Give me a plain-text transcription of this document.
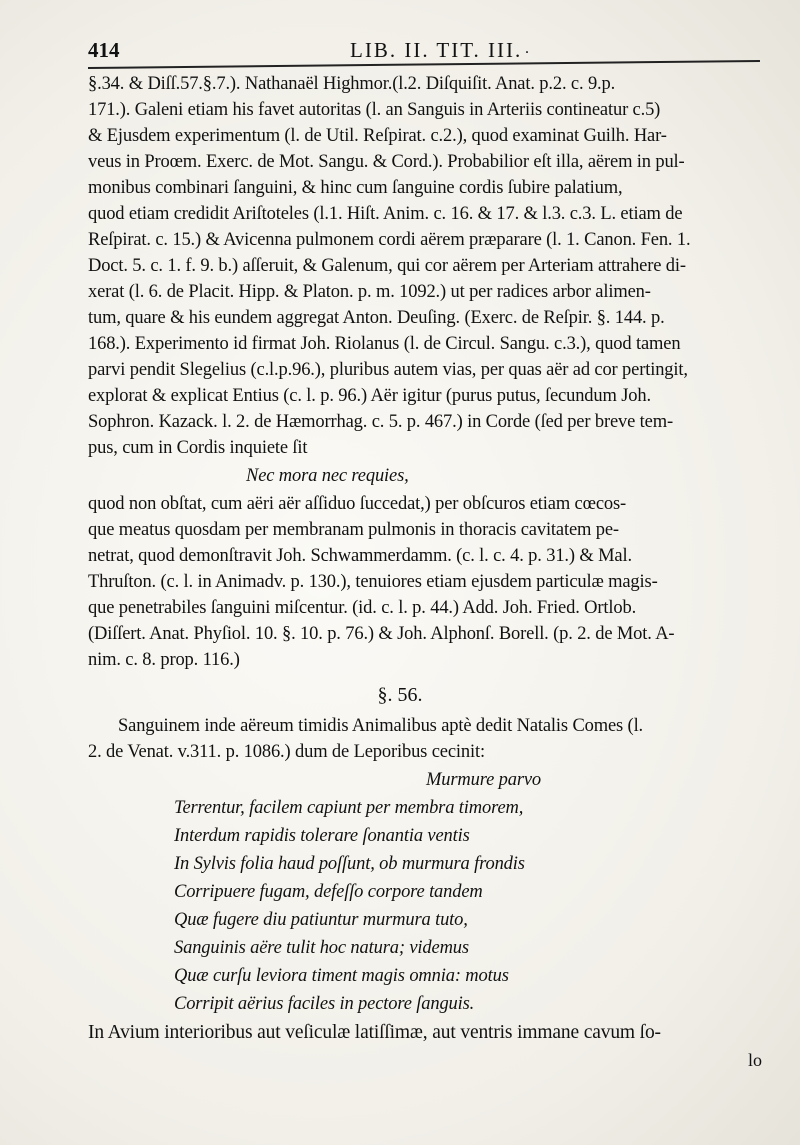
414	LIB. II. TIT. III. .
§.34. & Diſſ.57.§.7.). Nathanaël Highmor.(l.2. Diſquiſit. Anat. p.2. c. 9.p.
171.). Galeni etiam his favet autoritas (l. an Sanguis in Arteriis contineatur c.5)
& Ejusdem experimentum (l. de Util. Reſpirat. c.2.), quod examinat Guilh. Har-
veus in Proœm. Exerc. de Mot. Sangu. & Cord.). Probabilior eſt illa, aërem in pul-
monibus combinari ſanguini, & hinc cum ſanguine cordis ſubire palatium,
quod etiam credidit Ariſtoteles (l.1. Hiſt. Anim. c. 16. & 17. & l.3. c.3. L. etiam de
Reſpirat. c. 15.) & Avicenna pulmonem cordi aërem præparare (l. 1. Canon. Fen. 1.
Doct. 5. c. 1. f. 9. b.) aſſeruit, & Galenum, qui cor aërem per Arteriam attrahere di-
xerat (l. 6. de Placit. Hipp. & Platon. p. m. 1092.) ut per radices arbor alimen-
tum, quare & his eundem aggregat Anton. Deuſing. (Exerc. de Reſpir. §. 144. p.
168.). Experimento id firmat Joh. Riolanus (l. de Circul. Sangu. c.3.), quod tamen
parvi pendit Slegelius (c.l.p.96.), pluribus autem vias, per quas aër ad cor pertingit,
explorat & explicat Entius (c. l. p. 96.) Aër igitur (purus putus, ſecundum Joh.
Sophron. Kazack. l. 2. de Hæmorrhag. c. 5. p. 467.) in Corde (ſed per breve tem-
pus, cum in Cordis inquiete ſit
Nec mora nec requies,
quod non obſtat, cum aëri aër aſſiduo ſuccedat,) per obſcuros etiam cœcos-
que meatus quosdam per membranam pulmonis in thoracis cavitatem pe-
netrat, quod demonſtravit Joh. Schwammerdamm. (c. l. c. 4. p. 31.) & Mal.
Thruſton. (c. l. in Animadv. p. 130.), tenuiores etiam ejusdem particulæ magis-
que penetrabiles ſanguini miſcentur. (id. c. l. p. 44.) Add. Joh. Fried. Ortlob.
(Diſſert. Anat. Phyſiol. 10. §. 10. p. 76.) & Joh. Alphonſ. Borell. (p. 2. de Mot. A-
nim. c. 8. prop. 116.)
§. 56.
Sanguinem inde aëreum timidis Animalibus aptè dedit Natalis Comes (l.
2. de Venat. v.311. p. 1086.) dum de Leporibus cecinit:
Murmure parvo
Terrentur, facilem capiunt per membra timorem,
Interdum rapidis tolerare ſonantia ventis
In Sylvis folia haud poſſunt, ob murmura frondis
Corripuere fugam, defeſſo corpore tandem
Quæ fugere diu patiuntur murmura tuto,
Sanguinis aëre tulit hoc natura; videmus
Quæ curſu leviora timent magis omnia: motus
Corripit aërius faciles in pectore ſanguis.
In Avium interioribus aut veſiculæ latiſſimæ, aut ventris immane cavum ſo-
lo
